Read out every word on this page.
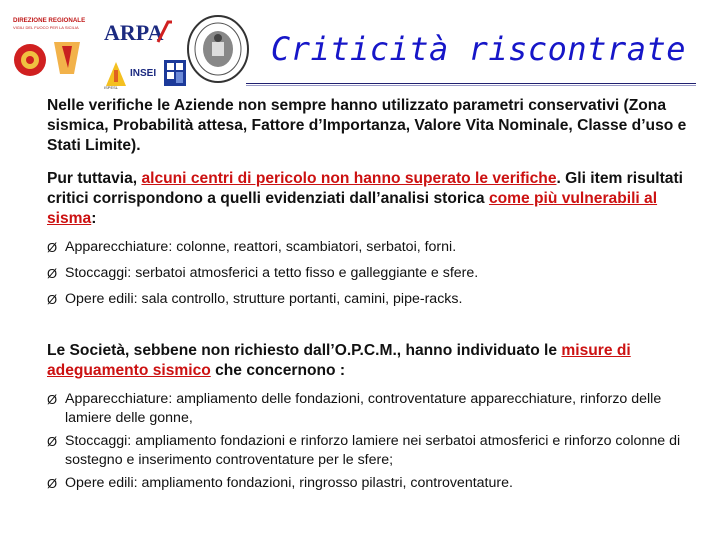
DIREZIONE REGIONALE
VIGILI DEL FUOCO PER LA SICILIA ARPA
ISPESL
INSEI
Criticità riscontrate

Nelle verifiche le Aziende non sempre hanno utilizzato parametri conservativi (Zona sismica, Probabilità attesa, Fattore d’Importanza, Valore Vita Nominale, Classe d’uso e Stati Limite).

Pur tuttavia, alcuni centri di pericolo non hanno superato le verifiche. Gli item risultati critici corrispondono a quelli evidenziati dall’analisi storica come più vulnerabili al sisma:

Ø Apparecchiature: colonne, reattori, scambiatori, serbatoi, forni.
Ø Stoccaggi: serbatoi atmosferici a tetto fisso e galleggiante e sfere.
Ø Opere edili: sala controllo, strutture portanti, camini, pipe-racks.

Le Società, sebbene non richiesto dall’O.P.C.M., hanno individuato le misure di adeguamento sismico che concernono :

Ø Apparecchiature: ampliamento delle fondazioni, controventature apparecchiature, rinforzo delle lamiere delle gonne,
Ø Stoccaggi: ampliamento fondazioni e rinforzo lamiere nei serbatoi atmosferici e rinforzo colonne di sostegno e inserimento controventature per le sfere;
Ø Opere edili: ampliamento fondazioni, ringrosso pilastri, controventature.
